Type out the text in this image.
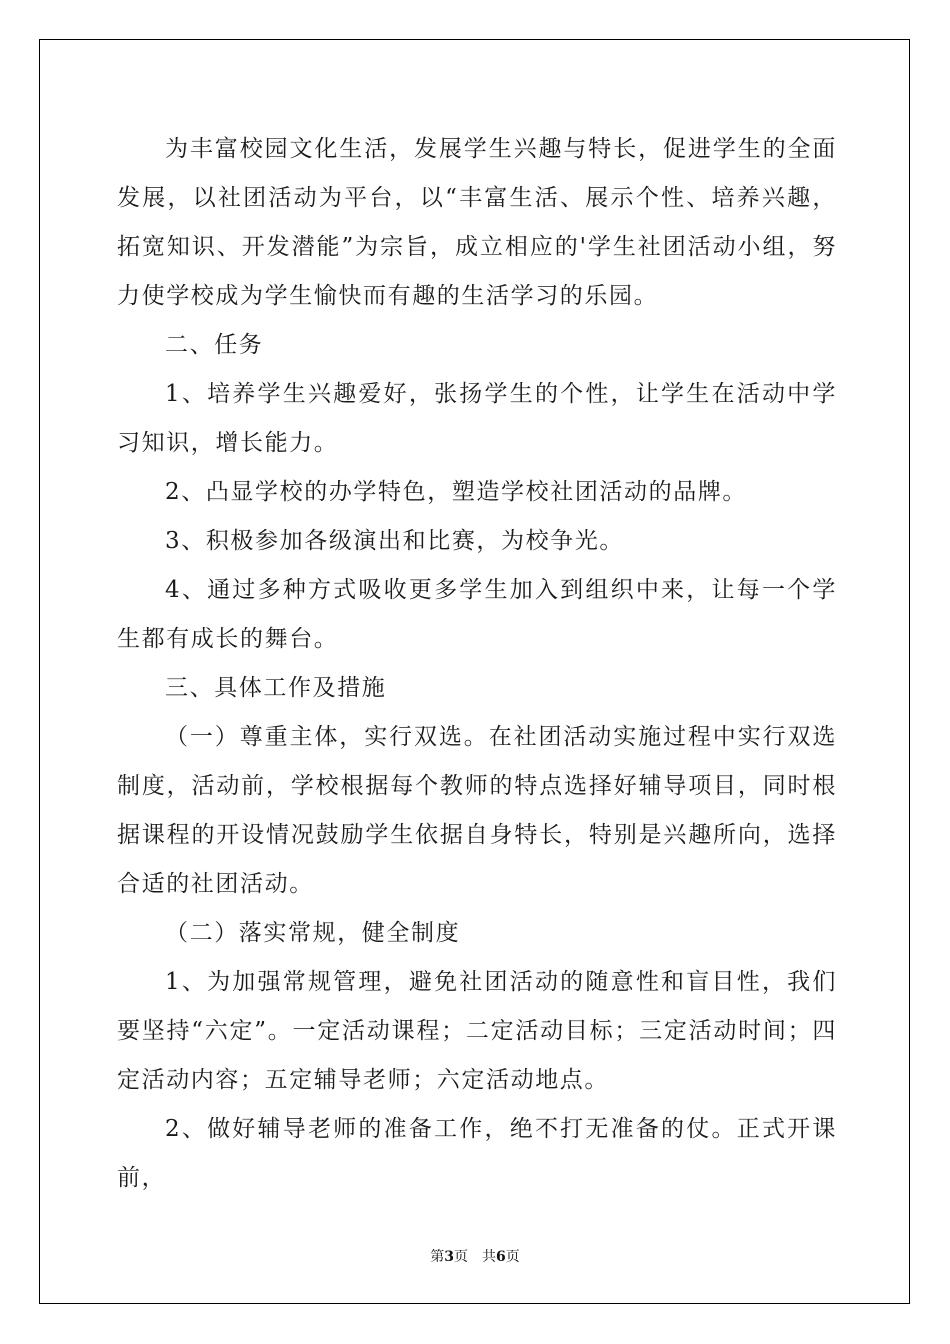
为丰富校园文化生活，发展学生兴趣与特长，促进学生的全面发展，以社团活动为平台，以“丰富生活、展示个性、培养兴趣，拓宽知识、开发潜能”为宗旨，成立相应的'学生社团活动小组，努力使学校成为学生愉快而有趣的生活学习的乐园。

二、任务

1、培养学生兴趣爱好，张扬学生的个性，让学生在活动中学习知识，增长能力。

2、凸显学校的办学特色，塑造学校社团活动的品牌。

3、积极参加各级演出和比赛，为校争光。

4、通过多种方式吸收更多学生加入到组织中来，让每一个学生都有成长的舞台。

三、具体工作及措施

（一）尊重主体，实行双选。在社团活动实施过程中实行双选制度，活动前，学校根据每个教师的特点选择好辅导项目，同时根据课程的开设情况鼓励学生依据自身特长，特别是兴趣所向，选择合适的社团活动。

（二）落实常规，健全制度

1、为加强常规管理，避免社团活动的随意性和盲目性，我们要坚持“六定”。一定活动课程；二定活动目标；三定活动时间；四定活动内容；五定辅导老师；六定活动地点。

2、做好辅导老师的准备工作，绝不打无准备的仗。正式开课前，

第3页 共6页
